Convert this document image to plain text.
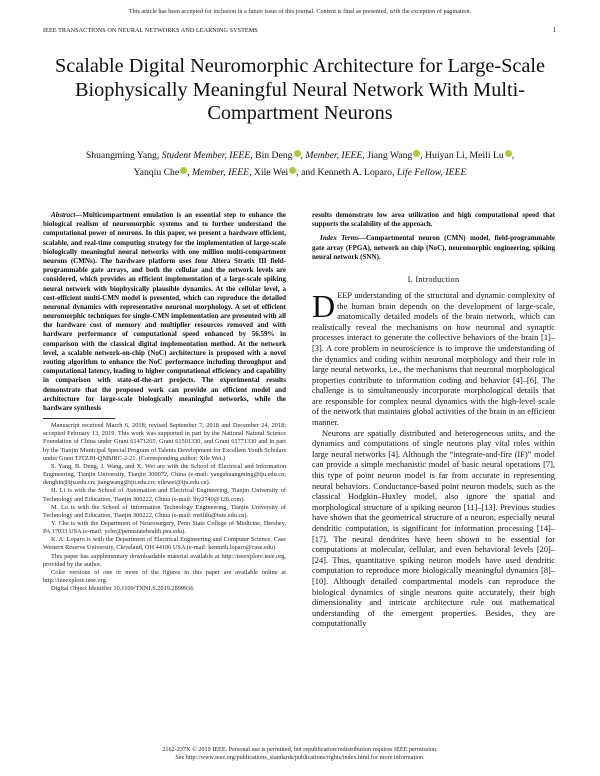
This article has been accepted for inclusion in a future issue of this journal. Content is final as presented, with the exception of pagination.
IEEE TRANSACTIONS ON NEURAL NETWORKS AND LEARNING SYSTEMS	1
Scalable Digital Neuromorphic Architecture for Large-Scale Biophysically Meaningful Neural Network With Multi-Compartment Neurons
Shuangming Yang, Student Member, IEEE, Bin Deng , Member, IEEE, Jiang Wang , Huiyan Li, Meili Lu ,
Yanqiu Che , Member, IEEE, Xile Wei , and Kenneth A. Loparo, Life Fellow, IEEE

Abstract—Multicompartment emulation is an essential step to enhance the biological realism of neuromorphic systems and to further understand the computational power of neurons. In this paper, we present a hardware efficient, scalable, and real-time computing strategy for the implementation of large-scale biologically meaningful neural networks with one million multi-compartment neurons (CMNs). The hardware platform uses four Altera Stratix III field-programmable gate arrays, and both the cellular and the network levels are considered, which provides an efficient implementation of a large-scale spiking neural network with biophysically plausible dynamics. At the cellular level, a cost-efficient multi-CMN model is presented, which can reproduce the detailed neuronal dynamics with representative neuronal morphology. A set of efficient neuromorphic techniques for single-CMN implementation are presented with all the hardware cost of memory and multiplier resources removed and with hardware performance of computational speed enhanced by 56.59% in comparison with the classical digital implementation method. At the network level, a scalable network-on-chip (NoC) architecture is proposed with a novel routing algorithm to enhance the NoC performance including throughput and computational latency, leading to higher computational efficiency and capability in comparison with state-of-the-art projects. The experimental results demonstrate that the proposed work can provide an efficient model and architecture for large-scale biologically meaningful networks, while the hardware synthesis

Manuscript received March 6, 2018; revised September 7, 2018 and December 24, 2018; accepted February 13, 2019. This work was supported in part by the National Natural Science Foundation of China under Grant 61471265, Grant 61501330, and Grant 61771330 and in part by the Tianjin Municipal Special Program of Talents Development for Excellent Youth Scholars under Grant TJTZJH-QNBJRC-2-21. (Corresponding author: Xile Wei.)

S. Yang, B. Deng, J. Wang, and X. Wei are with the School of Electrical and Information Engineering, Tianjin University, Tianjin 300072, China (e-mail: yangshuangming@tju.edu.cn; dengbin@tju.edu.cn; jiangwang@tju.edu.cn; xilewei@tju.edu.cn).

H. Li is with the School of Automation and Electrical Engineering, Tianjin University of Technology and Education, Tianjin 300222, China (e-mail: lhy2740@126.com).

M. Lu is with the School of Information Technology Engineering, Tianjin University of Technology and Education, Tianjin 300222, China (e-mail: meililu@tute.edu.cn).

Y. Che is with the Department of Neurosurgery, Penn State College of Medicine, Hershey, PA 17033 USA (e-mail: yche@pennstatehealth.psu.edu).

K. A. Loparo is with the Department of Electrical Engineering and Computer Science, Case Western Reserve University, Cleveland, OH 44106 USA (e-mail: kenneth.loparo@case.edu).

This paper has supplementary downloadable material available at http://ieeexplore.ieee.org, provided by the author.

Color versions of one or more of the figures in this paper are available online at http://ieeexplore.ieee.org.

Digital Object Identifier 10.1109/TNNLS.2019.2899936

results demonstrate low area utilization and high computational speed that supports the scalability of the approach.

Index Terms—Compartmental neuron (CMN) model, field-programmable gate array (FPGA), network on chip (NoC), neuromorphic engineering, spiking neural network (SNN).

I. Introduction

DEEP understanding of the structural and dynamic complexity of the human brain depends on the development of large-scale, anatomically detailed models of the brain network, which can realistically reveal the mechanisms on how neuronal and synaptic processes interact to generate the collective behaviors of the brain [1]–[3]. A core problem in neuroscience is to improve the understanding of the dynamics and coding within neuronal morphology and their role in large neural networks, i.e., the mechanisms that neuronal morphological properties contribute to information coding and behavior [4]–[6]. The challenge is to simultaneously incorporate morphological details that are responsible for complex neural dynamics with the high-level scale of the network that maintains global activities of the brain in an efficient manner.

Neurons are spatially distributed and heterogeneous units, and the dynamics and computations of single neurons play vital roles within large neural networks [4]. Although the “integrate-and-fire (IF)” model can provide a simple mechanistic model of basic neural operations [7], this type of point neuron model is far from accurate in representing neural behaviors. Conductance-based point neuron models, such as the classical Hodgkin–Huxley model, also ignore the spatial and morphological structure of a spiking neuron [11]–[13]. Previous studies have shown that the geometrical structure of a neuron, especially neural dendritic computation, is significant for information processing [14]–[17]. The neural dendrites have been shown to be essential for computations at molecular, cellular, and even behavioral levels [20]–[24]. Thus, quantitative spiking neuron models have used dendritic computation to reproduce more biologically meaningful dynamics [8]–[10]. Although detailed compartmental models can reproduce the biological dynamics of single neurons quite accurately, their high dimensionality and intricate architecture rule out mathematical understanding of the emergent properties. Besides, they are computationally

2162-237X © 2019 IEEE. Personal use is permitted, but republication/redistribution requires IEEE permission.
See http://www.ieee.org/publications_standards/publications/rights/index.html for more information.
